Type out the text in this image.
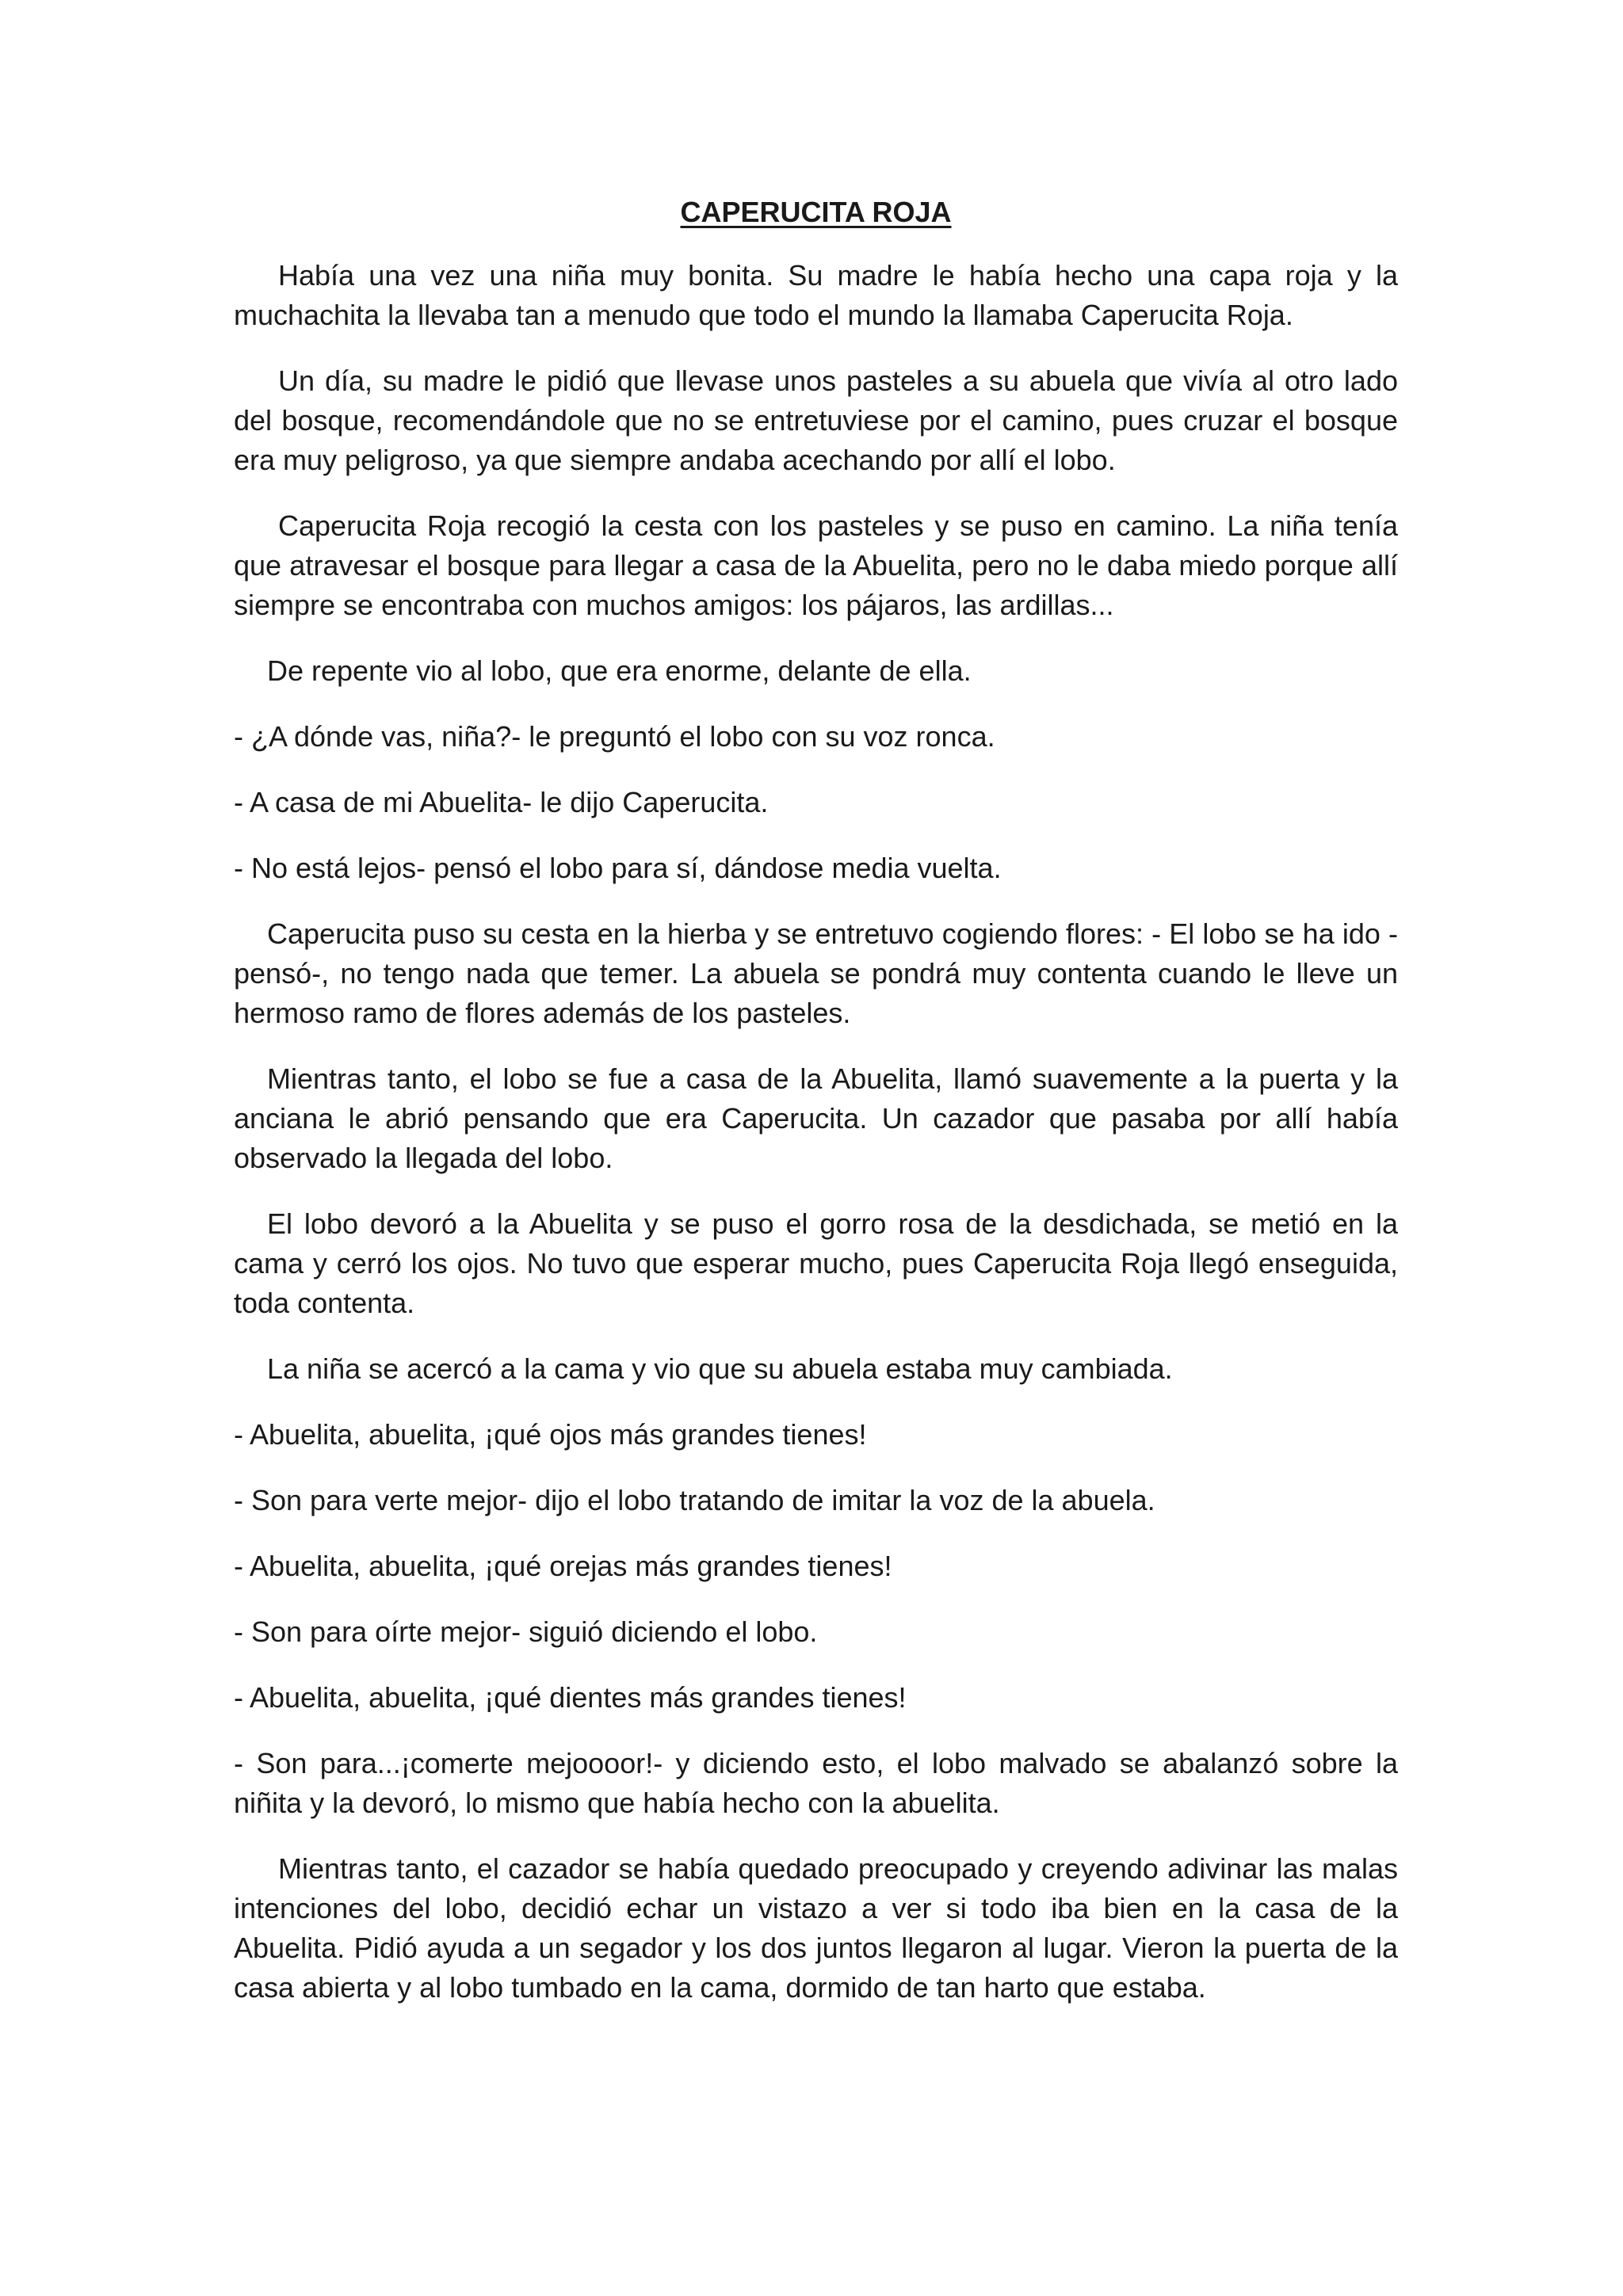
CAPERUCITA ROJA

Había una vez una niña muy bonita. Su madre le había hecho una capa roja y la muchachita la llevaba tan a menudo que todo el mundo la llamaba Caperucita Roja.

Un día, su madre le pidió que llevase unos pasteles a su abuela que vivía al otro lado del bosque, recomendándole que no se entretuviese por el camino, pues cruzar el bosque era muy peligroso, ya que siempre andaba acechando por allí el lobo.

Caperucita Roja recogió la cesta con los pasteles y se puso en camino. La niña tenía que atravesar el bosque para llegar a casa de la Abuelita, pero no le daba miedo porque allí siempre se encontraba con muchos amigos: los pájaros, las ardillas...

De repente vio al lobo, que era enorme, delante de ella.

- ¿A dónde vas, niña?- le preguntó el lobo con su voz ronca.

- A casa de mi Abuelita- le dijo Caperucita.

- No está lejos- pensó el lobo para sí, dándose media vuelta.

Caperucita puso su cesta en la hierba y se entretuvo cogiendo flores: - El lobo se ha ido -pensó-, no tengo nada que temer. La abuela se pondrá muy contenta cuando le lleve un hermoso ramo de flores además de los pasteles.

Mientras tanto, el lobo se fue a casa de la Abuelita, llamó suavemente a la puerta y la anciana le abrió pensando que era Caperucita. Un cazador que pasaba por allí había observado la llegada del lobo.

El lobo devoró a la Abuelita y se puso el gorro rosa de la desdichada, se metió en la cama y cerró los ojos. No tuvo que esperar mucho, pues Caperucita Roja llegó enseguida, toda contenta.

La niña se acercó a la cama y vio que su abuela estaba muy cambiada.

- Abuelita, abuelita, ¡qué ojos más grandes tienes!

- Son para verte mejor- dijo el lobo tratando de imitar la voz de la abuela.

- Abuelita, abuelita, ¡qué orejas más grandes tienes!

- Son para oírte mejor- siguió diciendo el lobo.

- Abuelita, abuelita, ¡qué dientes más grandes tienes!

- Son para...¡comerte mejoooor!- y diciendo esto, el lobo malvado se abalanzó sobre la niñita y la devoró, lo mismo que había hecho con la abuelita.

Mientras tanto, el cazador se había quedado preocupado y creyendo adivinar las malas intenciones del lobo, decidió echar un vistazo a ver si todo iba bien en la casa de la Abuelita. Pidió ayuda a un segador y los dos juntos llegaron al lugar. Vieron la puerta de la casa abierta y al lobo tumbado en la cama, dormido de tan harto que estaba.
